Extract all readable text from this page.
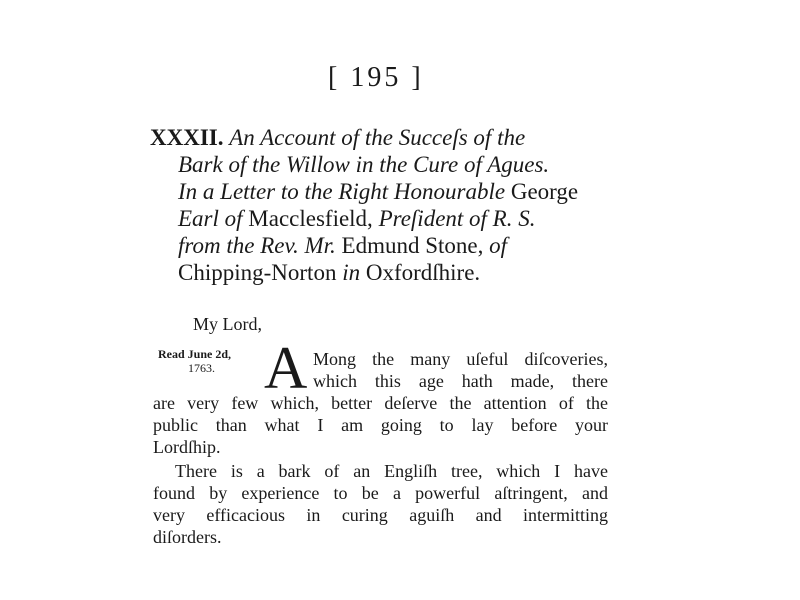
[ 195 ]
XXXII. An Account of the Succeſs of the
Bark of the Willow in the Cure of Agues.
In a Letter to the Right Honourable George
Earl of Macclesfield, Preſident of R. S.
from the Rev. Mr. Edmund Stone, of
Chipping-Norton in Oxfordſhire.
My Lord,
Read June 2d,
1763. A Mong the many uſeful diſcoveries,
which this age hath made, there
are very few which, better deſerve the attention of the
public than what I am going to lay before your
Lordſhip.
There is a bark of an Engliſh tree, which I have
found by experience to be a powerful aſtringent, and
very efficacious in curing aguiſh and intermitting
diſorders.
